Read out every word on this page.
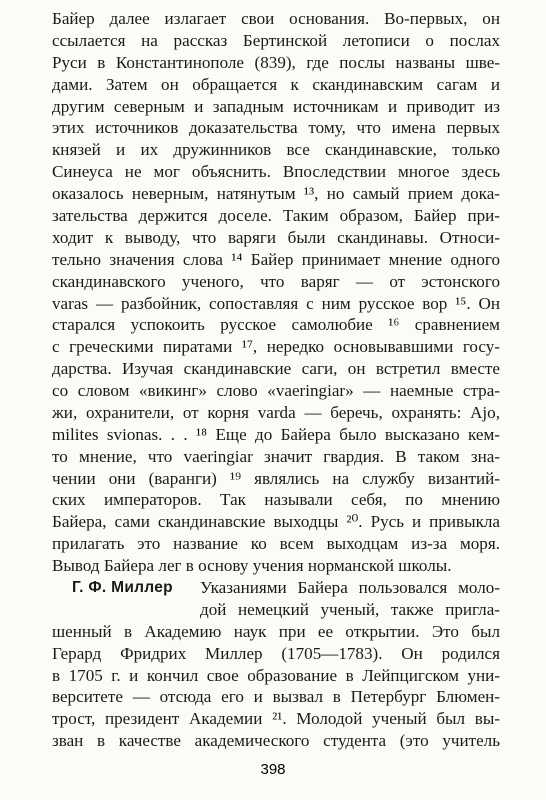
Байер далее излагает свои основания. Во-первых, он
ссылается на рассказ Бертинской летописи о послах
Руси в Константинополе (839), где послы названы шве-
дами. Затем он обращается к скандинавским сагам и
другим северным и западным источникам и приводит из
этих источников доказательства тому, что имена первых
князей и их дружинников все скандинавские, только
Синеуса не мог объяснить. Впоследствии многое здесь
оказалось неверным, натянутым ¹³, но самый прием дока-
зательства держится доселе. Таким образом, Байер при-
ходит к выводу, что варяги были скандинавы. Относи-
тельно значения слова ¹⁴ Байер принимает мнение одного
скандинавского ученого, что варяг — от эстонского
varas — разбойник, сопоставляя с ним русское вор ¹⁵. Он
старался успокоить русское самолюбие ¹⁶ сравнением
с греческими пиратами ¹⁷, нередко основывавшими госу-
дарства. Изучая скандинавские саги, он встретил вместе
со словом «викинг» слово «vaeringiar» — наемные стра-
жи, охранители, от корня varda — беречь, охранять: Ajo,
milites svionas. . . ¹⁸ Еще до Байера было высказано кем-
то мнение, что vaeringiar значит гвардия. В таком зна-
чении они (варанги) ¹⁹ являлись на службу византий-
ских императоров. Так называли себя, по мнению
Байера, сами скандинавские выходцы ²⁰. Русь и привыкла
прилагать это название ко всем выходцам из-за моря.
Вывод Байера лег в основу учения норманской школы.
Г. Ф. Миллер	Указаниями Байера пользовался моло-
дой немецкий ученый, также пригла-
шенный в Академию наук при ее открытии. Это был
Герард Фридрих Миллер (1705—1783). Он родился
в 1705 г. и кончил свое образование в Лейпцигском уни-
верситете — отсюда его и вызвал в Петербург Блюмен-
трост, президент Академии ²¹. Молодой ученый был вы-
зван в качестве академического студента (это учитель
398
